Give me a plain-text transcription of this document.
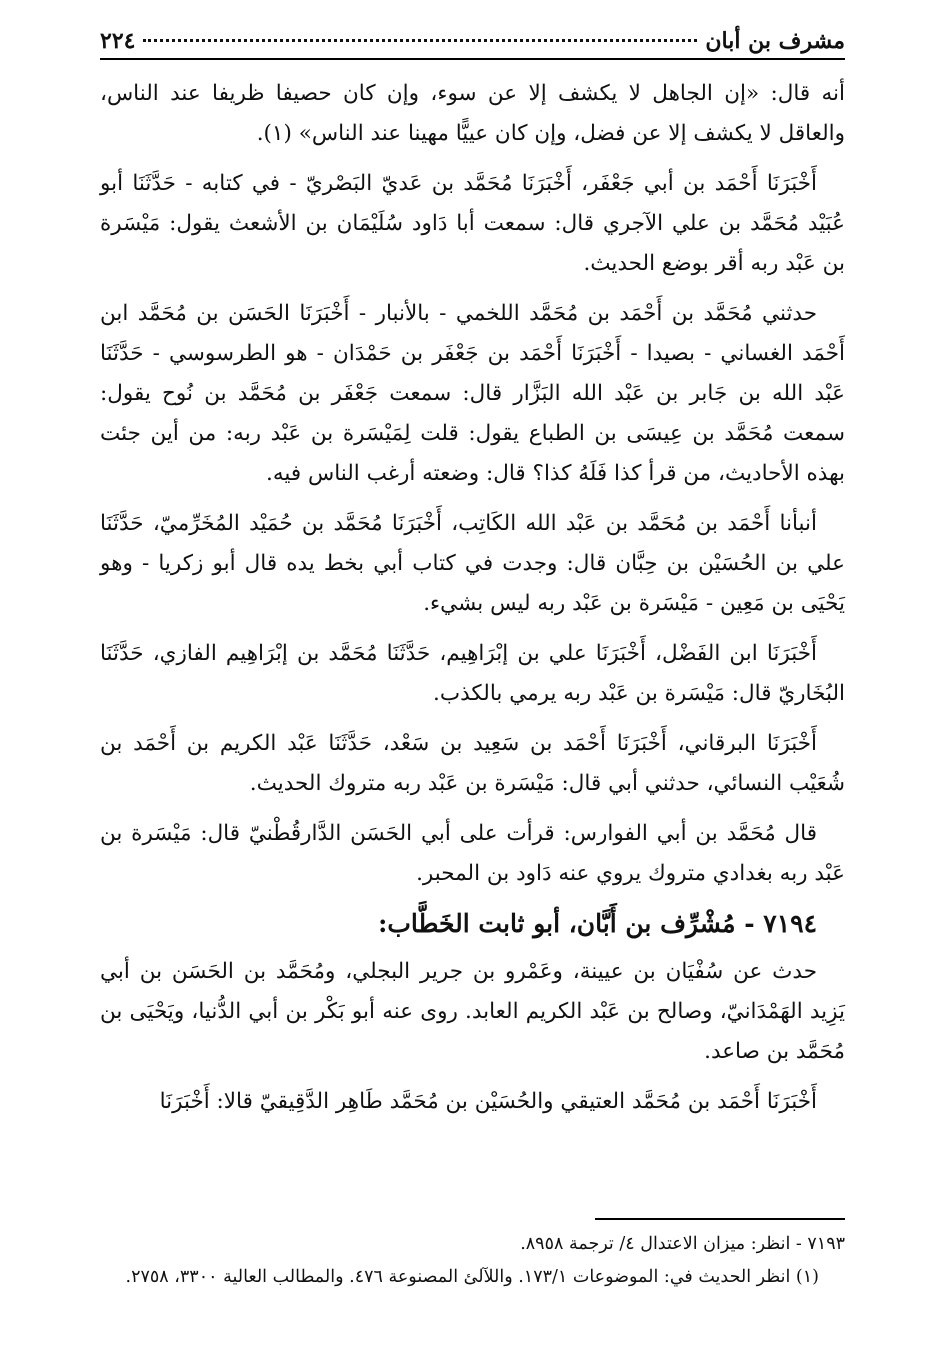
مشرف بن أبان
٢٢٤

أنه قال: «إن الجاهل لا يكشف إلا عن سوء، وإن كان حصيفا ظريفا عند الناس، والعاقل لا يكشف إلا عن فضل، وإن كان عييًّا مهينا عند الناس» (١).

أَخْبَرَنَا أَحْمَد بن أبي جَعْفَر، أَخْبَرَنَا مُحَمَّد بن عَديّ البَصْريّ - في كتابه - حَدَّثَنَا أبو عُبَيْد مُحَمَّد بن علي الآجري قال: سمعت أبا دَاود سُلَيْمَان بن الأشعث يقول: مَيْسَرة بن عَبْد ربه أقر بوضع الحديث.

حدثني مُحَمَّد بن أَحْمَد بن مُحَمَّد اللخمي - بالأنبار - أَخْبَرَنَا الحَسَن بن مُحَمَّد ابن أَحْمَد الغساني - بصيدا - أَخْبَرَنَا أَحْمَد بن جَعْفَر بن حَمْدَان - هو الطرسوسي - حَدَّثَنَا عَبْد الله بن جَابر بن عَبْد الله البَزَّار قال: سمعت جَعْفَر بن مُحَمَّد بن نُوح يقول: سمعت مُحَمَّد بن عِيسَى بن الطباع يقول: قلت لِمَيْسَرة بن عَبْد ربه: من أين جئت بهذه الأحاديث، من قرأ كذا فَلَهُ كذا؟ قال: وضعته أرغب الناس فيه.

أنبأنا أَحْمَد بن مُحَمَّد بن عَبْد الله الكَاتِب، أَخْبَرَنَا مُحَمَّد بن حُمَيْد المُخَرِّميّ، حَدَّثَنَا علي بن الحُسَيْن بن حِبَّان قال: وجدت في كتاب أبي بخط يده قال أبو زكريا - وهو يَحْيَى بن مَعِين - مَيْسَرة بن عَبْد ربه ليس بشيء.

أَخْبَرَنَا ابن الفَضْل، أَخْبَرَنَا علي بن إبْرَاهِيم، حَدَّثَنَا مُحَمَّد بن إبْرَاهِيم الفازي، حَدَّثَنَا البُخَاريّ قال: مَيْسَرة بن عَبْد ربه يرمي بالكذب.

أَخْبَرَنَا البرقاني، أَخْبَرَنَا أَحْمَد بن سَعِيد بن سَعْد، حَدَّثَنَا عَبْد الكريم بن أَحْمَد بن شُعَيْب النسائي، حدثني أبي قال: مَيْسَرة بن عَبْد ربه متروك الحديث.

قال مُحَمَّد بن أبي الفوارس: قرأت على أبي الحَسَن الدَّارقُطْنيّ قال: مَيْسَرة بن عَبْد ربه بغدادي متروك يروي عنه دَاود بن المحبر.

٧١٩٤ - مُشْرِّف بن أَبَّان، أبو ثابت الخَطَّاب:

حدث عن سُفْيَان بن عيينة، وعَمْرو بن جرير البجلي، ومُحَمَّد بن الحَسَن بن أبي يَزِيد الهَمْدَانيّ، وصالح بن عَبْد الكريم العابد. روى عنه أبو بَكْر بن أبي الدُّنيا، ويَحْيَى بن مُحَمَّد بن صاعد.

أَخْبَرَنَا أَحْمَد بن مُحَمَّد العتيقي والحُسَيْن بن مُحَمَّد طَاهِر الدَّقِيقيّ قالا: أَخْبَرَنَا

٧١٩٣ - انظر: ميزان الاعتدال ٤/ ترجمة ٨٩٥٨.

(١) انظر الحديث في: الموضوعات ١٧٣/١. واللآلئ المصنوعة ٤٧٦. والمطالب العالية ٣٣٠٠، ٢٧٥٨.
